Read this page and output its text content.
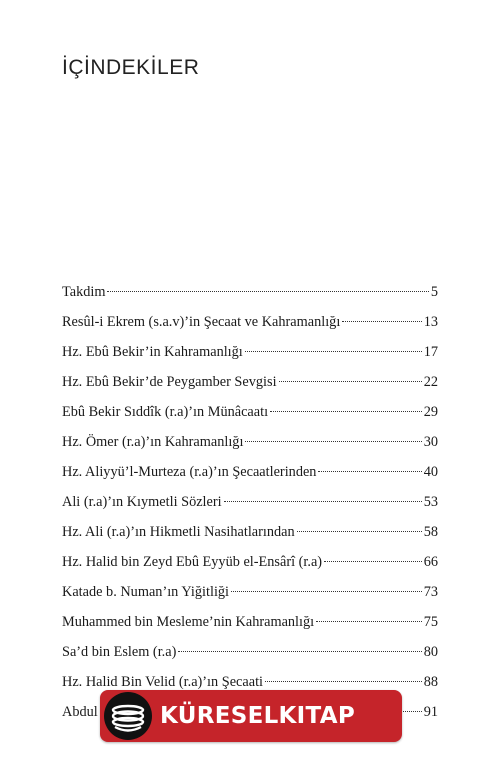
İÇİNDEKİLER
Takdim	5
Resûl-i Ekrem (s.a.v)’in Şecaat ve Kahramanlığı	13
Hz. Ebû Bekir’in Kahramanlığı	17
Hz. Ebû Bekir’de Peygamber Sevgisi	22
Ebû Bekir Sıddîk (r.a)’ın Münâcaatı	29
Hz. Ömer (r.a)’ın Kahramanlığı	30
Hz. Aliyyü’l-Murteza (r.a)’ın Şecaatlerinden	40
Ali (r.a)’ın Kıymetli Sözleri	53
Hz. Ali (r.a)’ın Hikmetli Nasihatlarından	58
Hz. Halid bin Zeyd Ebû Eyyüb el-Ensârî (r.a)	66
Katade b. Numan’ın Yiğitliği	73
Muhammed bin Mesleme’nin Kahramanlığı	75
Sa’d bin Eslem (r.a)	80
Hz. Halid Bin Velid (r.a)’ın Şecaati	88
Abdul	91
KÜRESELKITAP
